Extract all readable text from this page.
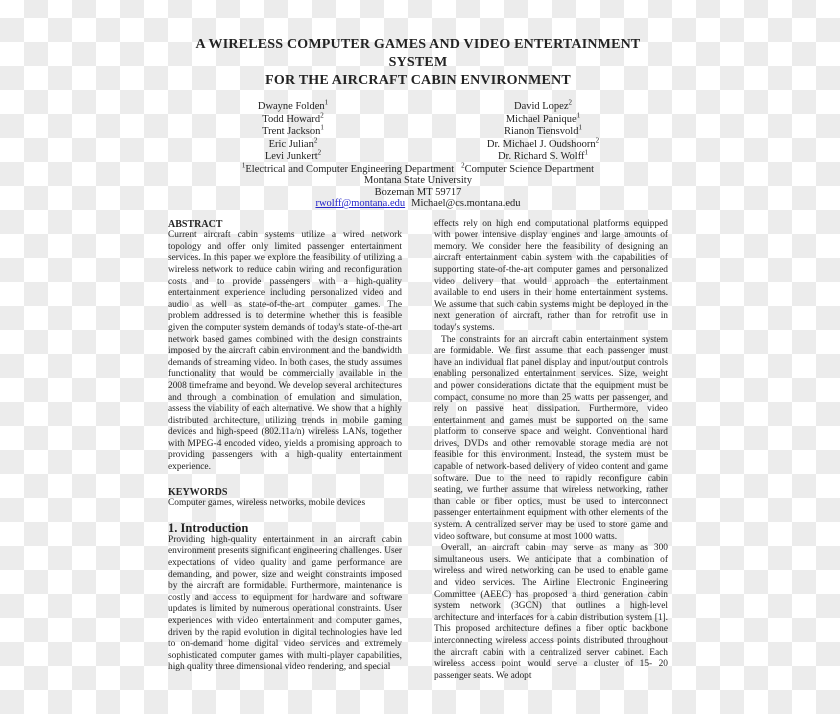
A WIRELESS COMPUTER GAMES AND VIDEO ENTERTAINMENT SYSTEM
FOR THE AIRCRAFT CABIN ENVIRONMENT
Dwayne Folden$^1$
Todd Howard$^2$
Trent Jackson$^1$
Eric Julian$^2$
Levi Junkert$^2$
David Lopez$^2$
Michael Panique$^1$
Rianon Tiensvold$^1$
Dr. Michael J. Oudshoorn$^2$
Dr. Richard S. Wolff$^1$
$^1$Electrical and Computer Engineering Department $^2$Computer Science Department
Montana State University
Bozeman MT 59717
rwolff@montana.edu Michael@cs.montana.edu
ABSTRACT

Current aircraft cabin systems utilize a wired network topology and offer only limited passenger entertainment services. In this paper we explore the feasibility of utilizing a wireless network to reduce cabin wiring and reconfiguration costs and to provide passengers with a high-quality entertainment experience including personalized video and audio as well as state-of-the-art computer games. The problem addressed is to determine whether this is feasible given the computer system demands of today's state-of-the-art network based games combined with the design constraints imposed by the aircraft cabin environment and the bandwidth demands of streaming video. In both cases, the study assumes functionality that would be commercially available in the 2008 timeframe and beyond. We develop several architectures and through a combination of emulation and simulation, assess the viability of each alternative. We show that a highly distributed architecture, utilizing trends in mobile gaming devices and high-speed (802.11a/n) wireless LANs, together with MPEG-4 encoded video, yields a promising approach to providing passengers with a high-quality entertainment experience.

KEYWORDS

Computer games, wireless networks, mobile devices

1. Introduction

Providing high-quality entertainment in an aircraft cabin environment presents significant engineering challenges. User expectations of video quality and game performance are demanding, and power, size and weight constraints imposed by the aircraft are formidable. Furthermore, maintenance is costly and access to equipment for hardware and software updates is limited by numerous operational constraints. User experiences with video entertainment and computer games, driven by the rapid evolution in digital technologies have led to on-demand home digital video services and extremely sophisticated computer games with multi-player capabilities, high quality three dimensional video rendering, and special

effects rely on high end computational platforms equipped with power intensive display engines and large amounts of memory. We consider here the feasibility of designing an aircraft entertainment cabin system with the capabilities of supporting state-of-the-art computer games and personalized video delivery that would approach the entertainment available to end users in their home entertainment systems. We assume that such cabin systems might be deployed in the next generation of aircraft, rather than for retrofit use in today's systems.

The constraints for an aircraft cabin entertainment system are formidable. We first assume that each passenger must have an individual flat panel display and input/output controls enabling personalized entertainment services. Size, weight and power considerations dictate that the equipment must be compact, consume no more than 25 watts per passenger, and rely on passive heat dissipation. Furthermore, video entertainment and games must be supported on the same platform to conserve space and weight. Conventional hard drives, DVDs and other removable storage media are not feasible for this environment. Instead, the system must be capable of network-based delivery of video content and game software. Due to the need to rapidly reconfigure cabin seating, we further assume that wireless networking, rather than cable or fiber optics, must be used to interconnect passenger entertainment equipment with other elements of the system. A centralized server may be used to store game and video software, but consume at most 1000 watts.

Overall, an aircraft cabin may serve as many as 300 simultaneous users. We anticipate that a combination of wireless and wired networking can be used to enable game and video services. The Airline Electronic Engineering Committee (AEEC) has proposed a third generation cabin system network (3GCN) that outlines a high-level architecture and interfaces for a cabin distribution system [1]. This proposed architecture defines a fiber optic backbone interconnecting wireless access points distributed throughout the aircraft cabin with a centralized server cabinet. Each wireless access point would serve a cluster of 15- 20 passenger seats. We adopt
